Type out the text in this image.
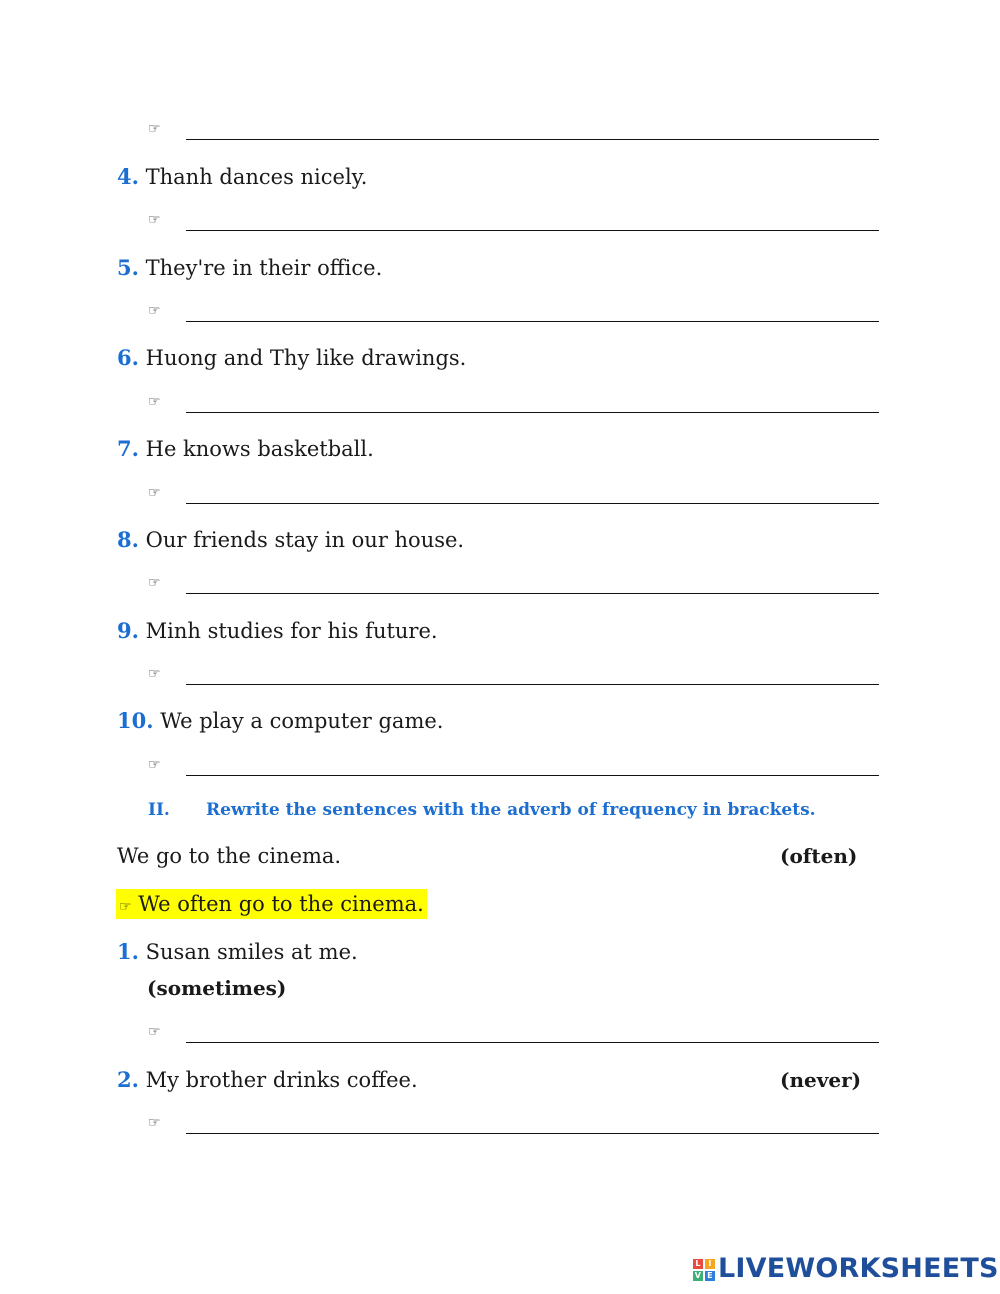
☞
4. Thanh dances nicely.
☞
5. They're in their office.
☞
6. Huong and Thy like drawings.
☞
7. He knows basketball.
☞
8. Our friends stay in our house.
☞
9. Minh studies for his future.
☞
10. We play a computer game.
☞
II. Rewrite the sentences with the adverb of frequency in brackets.
We go to the cinema.	(often)
☞ We often go to the cinema.
1. Susan smiles at me.
(sometimes)
☞
2. My brother drinks coffee.	(never)
☞
L I
V E LIVEWORKSHEETS
